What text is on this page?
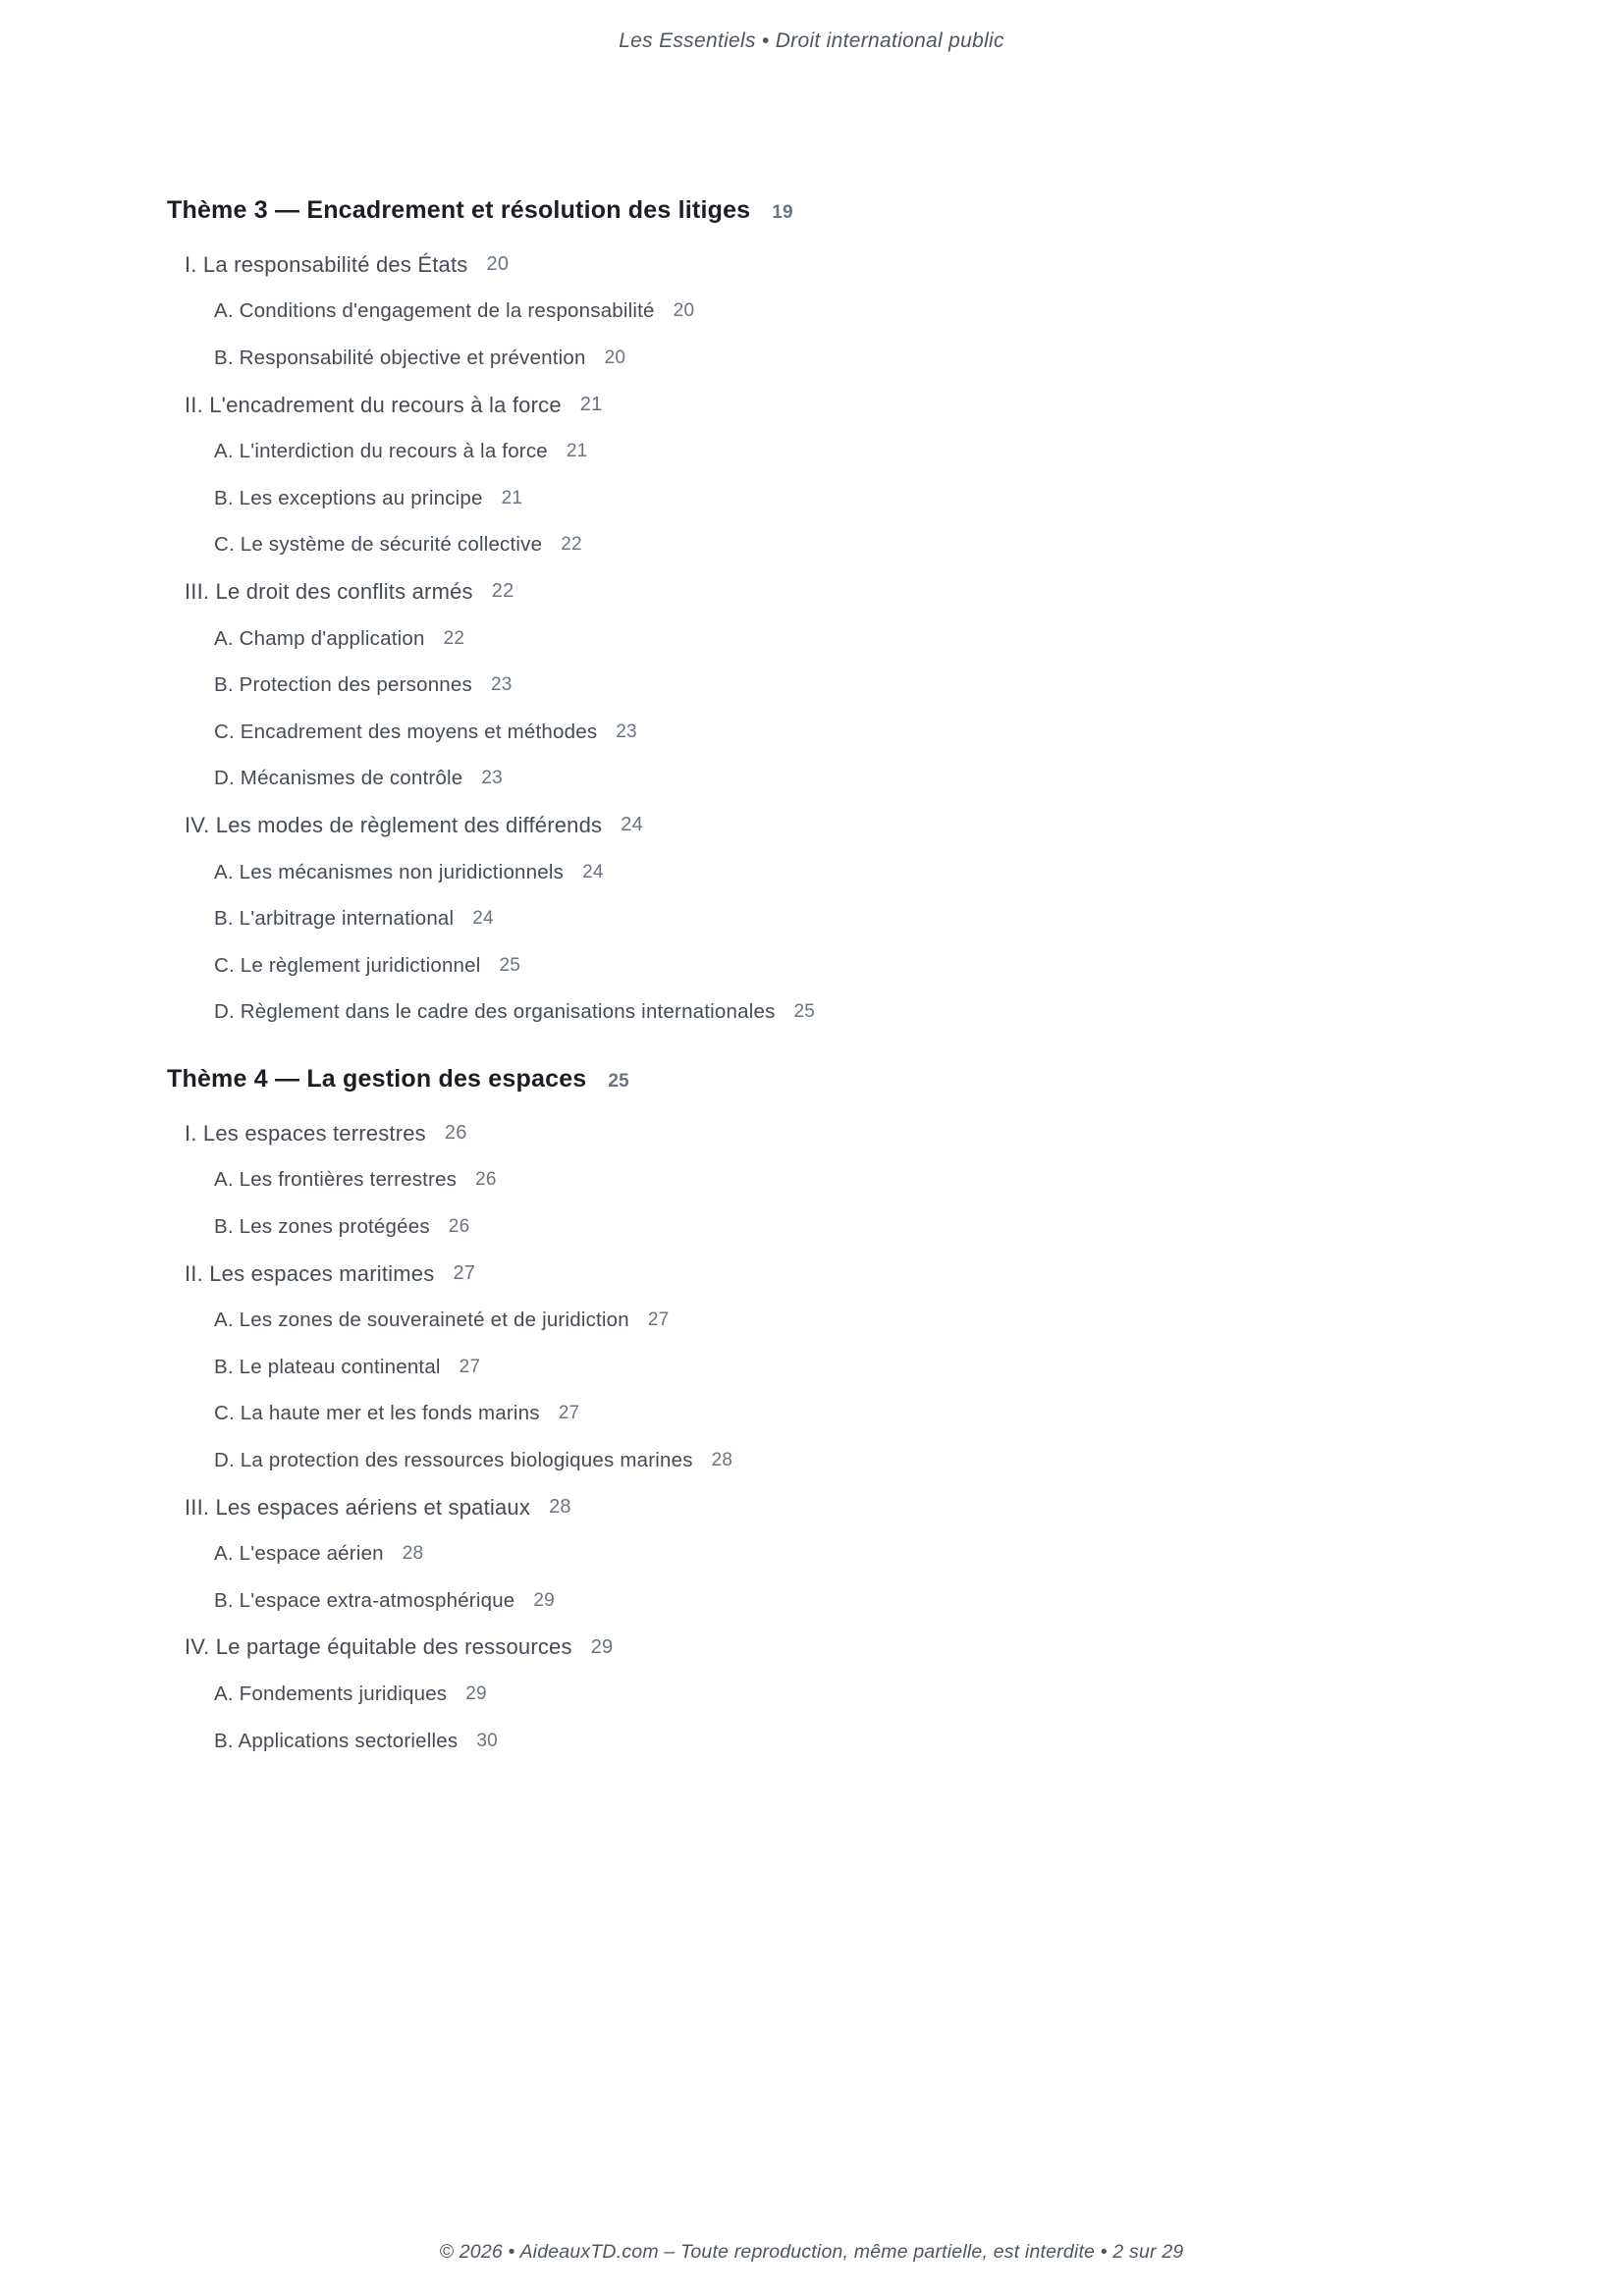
Les Essentiels • Droit international public
Thème 3 — Encadrement et résolution des litiges 19
I. La responsabilité des États 20
A. Conditions d'engagement de la responsabilité 20
B. Responsabilité objective et prévention 20
II. L'encadrement du recours à la force 21
A. L'interdiction du recours à la force 21
B. Les exceptions au principe 21
C. Le système de sécurité collective 22
III. Le droit des conflits armés 22
A. Champ d'application 22
B. Protection des personnes 23
C. Encadrement des moyens et méthodes 23
D. Mécanismes de contrôle 23
IV. Les modes de règlement des différends 24
A. Les mécanismes non juridictionnels 24
B. L'arbitrage international 24
C. Le règlement juridictionnel 25
D. Règlement dans le cadre des organisations internationales 25
Thème 4 — La gestion des espaces 25
I. Les espaces terrestres 26
A. Les frontières terrestres 26
B. Les zones protégées 26
II. Les espaces maritimes 27
A. Les zones de souveraineté et de juridiction 27
B. Le plateau continental 27
C. La haute mer et les fonds marins 27
D. La protection des ressources biologiques marines 28
III. Les espaces aériens et spatiaux 28
A. L'espace aérien 28
B. L'espace extra-atmosphérique 29
IV. Le partage équitable des ressources 29
A. Fondements juridiques 29
B. Applications sectorielles 30
© 2026 • AideauxTD.com – Toute reproduction, même partielle, est interdite • 2 sur 29
